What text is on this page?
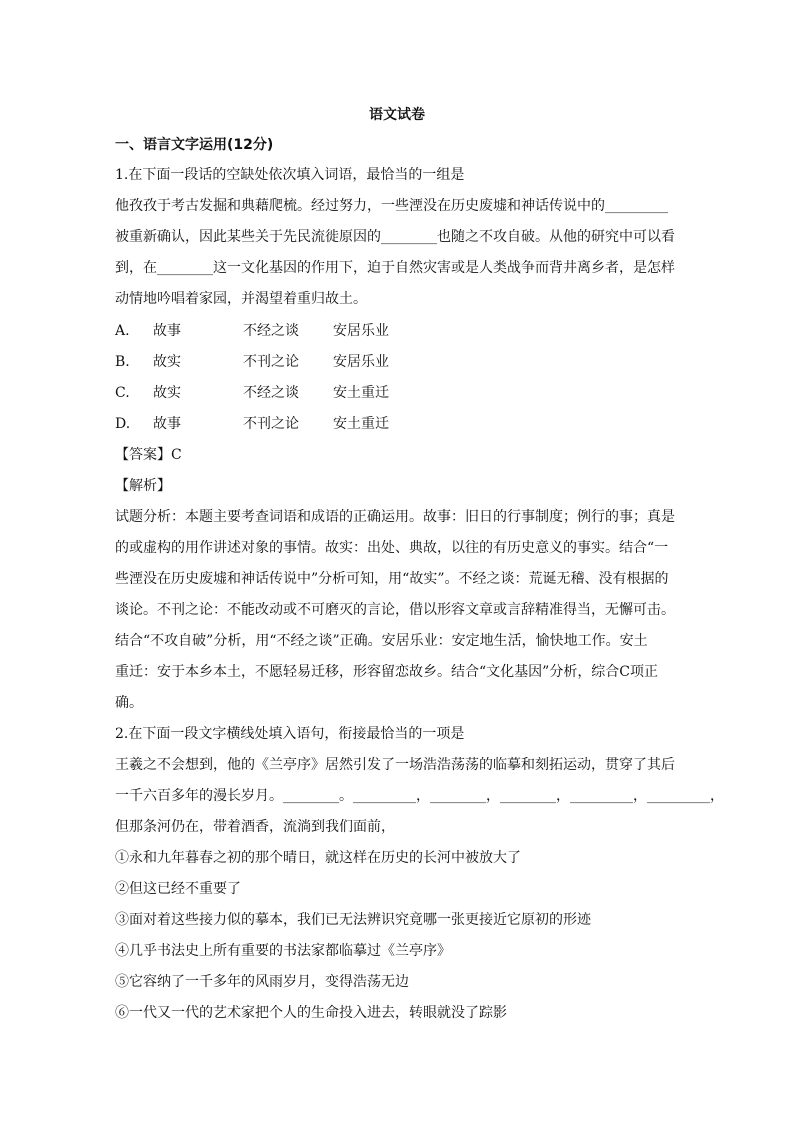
语文试卷
一、语言文字运用(12分)
1.在下面一段话的空缺处依次填入词语，最恰当的一组是
他孜孜于考古发掘和典藉爬梳。经过努力，一些湮没在历史废墟和神话传说中的_________
被重新确认，因此某些关于先民流徙原因的________也随之不攻自破。从他的研究中可以看
到，在________这一文化基因的作用下，迫于自然灾害或是人类战争而背井离乡者，是怎样
动情地吟唱着家园，并渴望着重归故土。
A. 故事	不经之谈 安居乐业
B. 故实	不刊之论 安居乐业
C. 故实	不经之谈 安土重迁
D. 故事	不刊之论 安土重迁
【答案】C
【解析】
试题分析：本题主要考查词语和成语的正确运用。故事：旧日的行事制度；例行的事；真是
的或虚构的用作讲述对象的事情。故实：出处、典故，以往的有历史意义的事实。结合“一
些湮没在历史废墟和神话传说中”分析可知，用“故实”。不经之谈：荒诞无稽、没有根据的
谈论。不刊之论：不能改动或不可磨灭的言论，借以形容文章或言辞精准得当，无懈可击。
结合“不攻自破”分析，用“不经之谈”正确。安居乐业：安定地生活，愉快地工作。安土
重迁：安于本乡本土，不愿轻易迁移，形容留恋故乡。结合“文化基因”分析，综合C项正
确。
2.在下面一段文字横线处填入语句，衔接最恰当的一项是
王羲之不会想到，他的《兰亭序》居然引发了一场浩浩荡荡的临摹和刻拓运动，贯穿了其后
一千六百多年的漫长岁月。________。_________，________，________，_________，_________，
但那条河仍在，带着酒香，流淌到我们面前，
①永和九年暮春之初的那个晴日，就这样在历史的长河中被放大了
②但这已经不重要了
③面对着这些接力似的摹本，我们已无法辨识究竟哪一张更接近它原初的形迹
④几乎书法史上所有重要的书法家都临摹过《兰亭序》
⑤它容纳了一千多年的风雨岁月，变得浩荡无边
⑥一代又一代的艺术家把个人的生命投入进去，转眼就没了踪影
